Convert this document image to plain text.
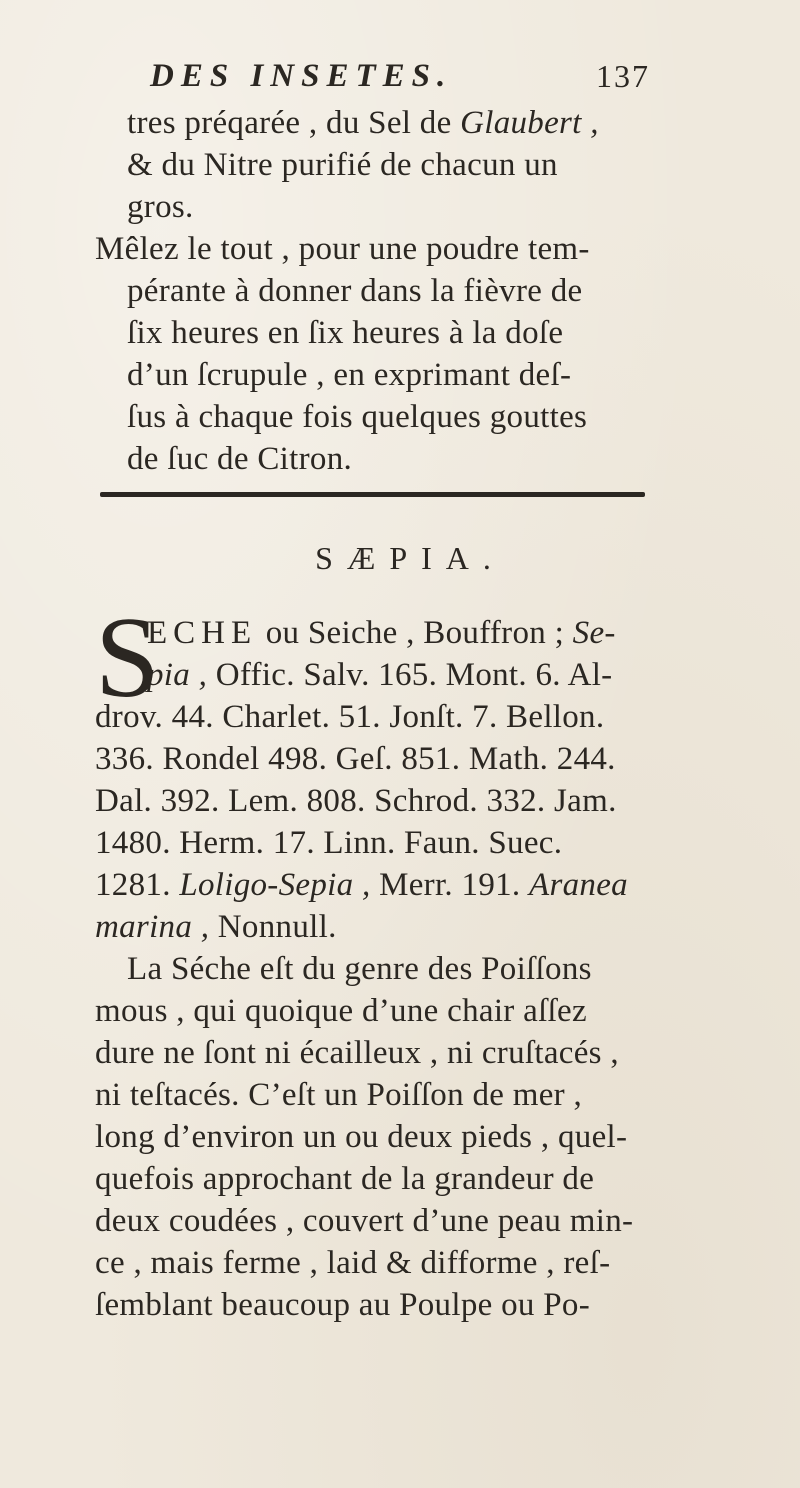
DES INSETES.	137
tres préqarée , du Sel de Glaubert ,
& du Nitre purifié de chacun un
gros.
Mêlez le tout , pour une poudre tem-
pérante à donner dans la fièvre de
ſix heures en ſix heures à la doſe
d’un ſcrupule , en exprimant deſ-
ſus à chaque fois quelques gouttes
de ſuc de Citron.
SÆPIA.
S
ECHE ou Seiche , Bouffron ; Se-
pia , Offic. Salv. 165. Mont. 6. Al-
drov. 44. Charlet. 51. Jonſt. 7. Bellon.
336. Rondel 498. Geſ. 851. Math. 244.
Dal. 392. Lem. 808. Schrod. 332. Jam.
1480. Herm. 17. Linn. Faun. Suec.
1281. Loligo-Sepia , Merr. 191. Aranea
marina , Nonnull.
La Séche eſt du genre des Poiſſons
mous , qui quoique d’une chair aſſez
dure ne ſont ni écailleux , ni cruſtacés ,
ni teſtacés. C’eſt un Poiſſon de mer ,
long d’environ un ou deux pieds , quel-
quefois approchant de la grandeur de
deux coudées , couvert d’une peau min-
ce , mais ferme , laid & difforme , reſ-
ſemblant beaucoup au Poulpe ou Po-
